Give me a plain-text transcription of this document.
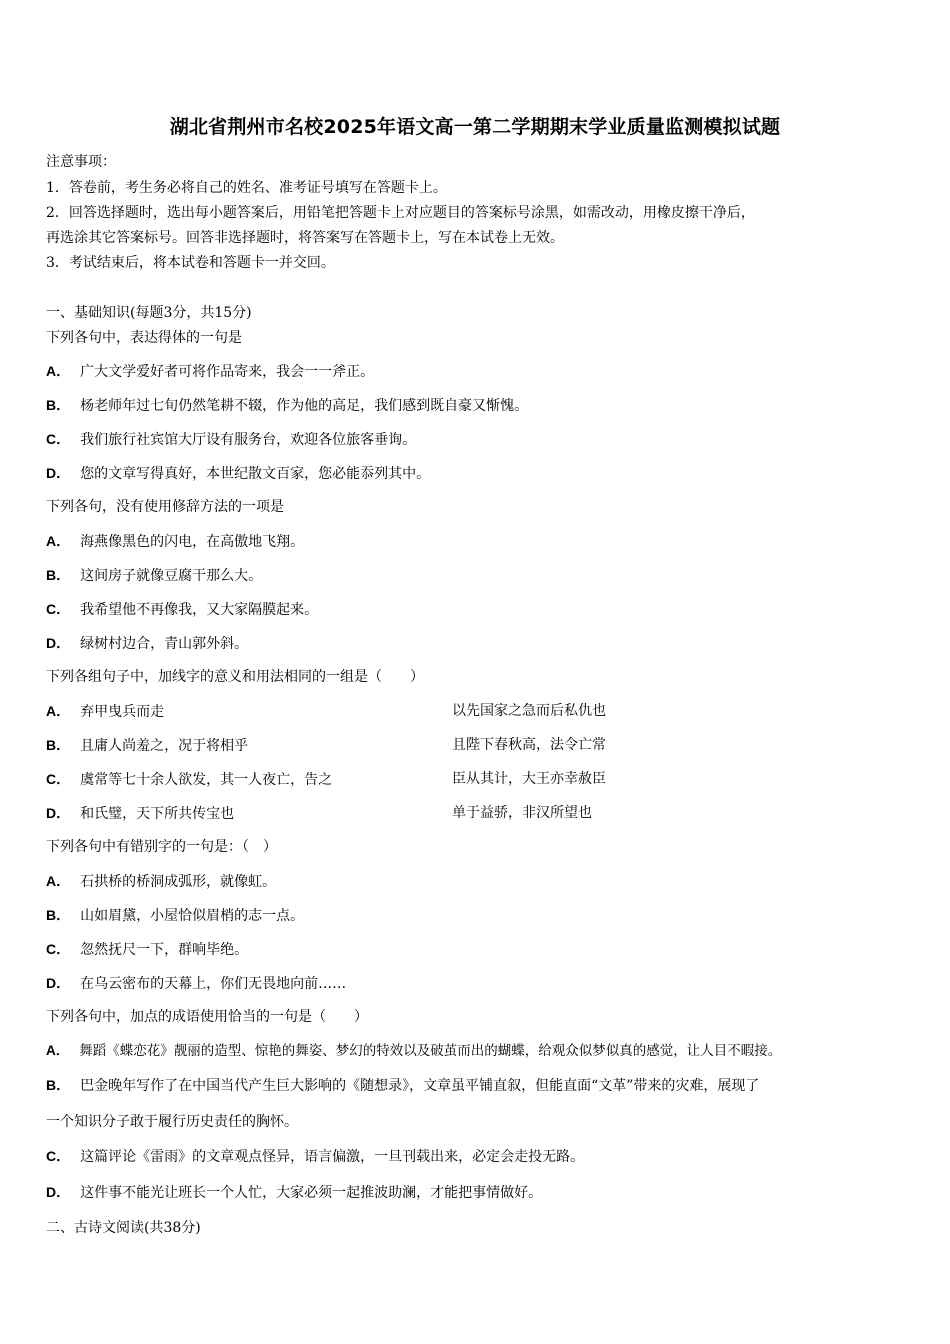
湖北省荆州市名校2025年语文高一第二学期期末学业质量监测模拟试题
注意事项：
1．答卷前，考生务必将自己的姓名、准考证号填写在答题卡上。
2．回答选择题时，选出每小题答案后，用铅笔把答题卡上对应题目的答案标号涂黑，如需改动，用橡皮擦干净后，
再选涂其它答案标号。回答非选择题时，将答案写在答题卡上，写在本试卷上无效。
3．考试结束后，将本试卷和答题卡一并交回。
一、基础知识(每题3分，共15分)
下列各句中，表达得体的一句是
A． 广大文学爱好者可将作品寄来，我会一一斧正。
B． 杨老师年过七旬仍然笔耕不辍，作为他的高足，我们感到既自豪又惭愧。
C． 我们旅行社宾馆大厅设有服务台，欢迎各位旅客垂询。
D． 您的文章写得真好，本世纪散文百家，您必能忝列其中。
下列各句，没有使用修辞方法的一项是
A． 海燕像黑色的闪电，在高傲地飞翔。
B． 这间房子就像豆腐干那么大。
C． 我希望他不再像我，又大家隔膜起来。
D． 绿树村边合，青山郭外斜。
下列各组句子中，加线字的意义和用法相同的一组是（　　）
A． 弃甲曳兵而走	以先国家之急而后私仇也
B． 且庸人尚羞之，况于将相乎	且陛下春秋高，法令亡常
C． 虞常等七十余人欲发，其一人夜亡，告之	臣从其计，大王亦幸赦臣
D． 和氏璧，天下所共传宝也	单于益骄，非汉所望也
下列各句中有错别字的一句是：（　）
A． 石拱桥的桥洞成弧形，就像虹。
B． 山如眉黛，小屋恰似眉梢的志一点。
C． 忽然抚尺一下，群响毕绝。
D． 在乌云密布的天幕上，你们无畏地向前……
下列各句中，加点的成语使用恰当的一句是（　　）
A． 舞蹈《蝶恋花》靓丽的造型、惊艳的舞姿、梦幻的特效以及破茧而出的蝴蝶，给观众似梦似真的感觉，让人目不暇接。
B． 巴金晚年写作了在中国当代产生巨大影响的《随想录》，文章虽平铺直叙，但能直面“文革”带来的灾难，展现了
一个知识分子敢于履行历史责任的胸怀。
C． 这篇评论《雷雨》的文章观点怪异，语言偏激，一旦刊载出来，必定会走投无路。
D． 这件事不能光让班长一个人忙，大家必须一起推波助澜，才能把事情做好。
二、古诗文阅读(共38分)
